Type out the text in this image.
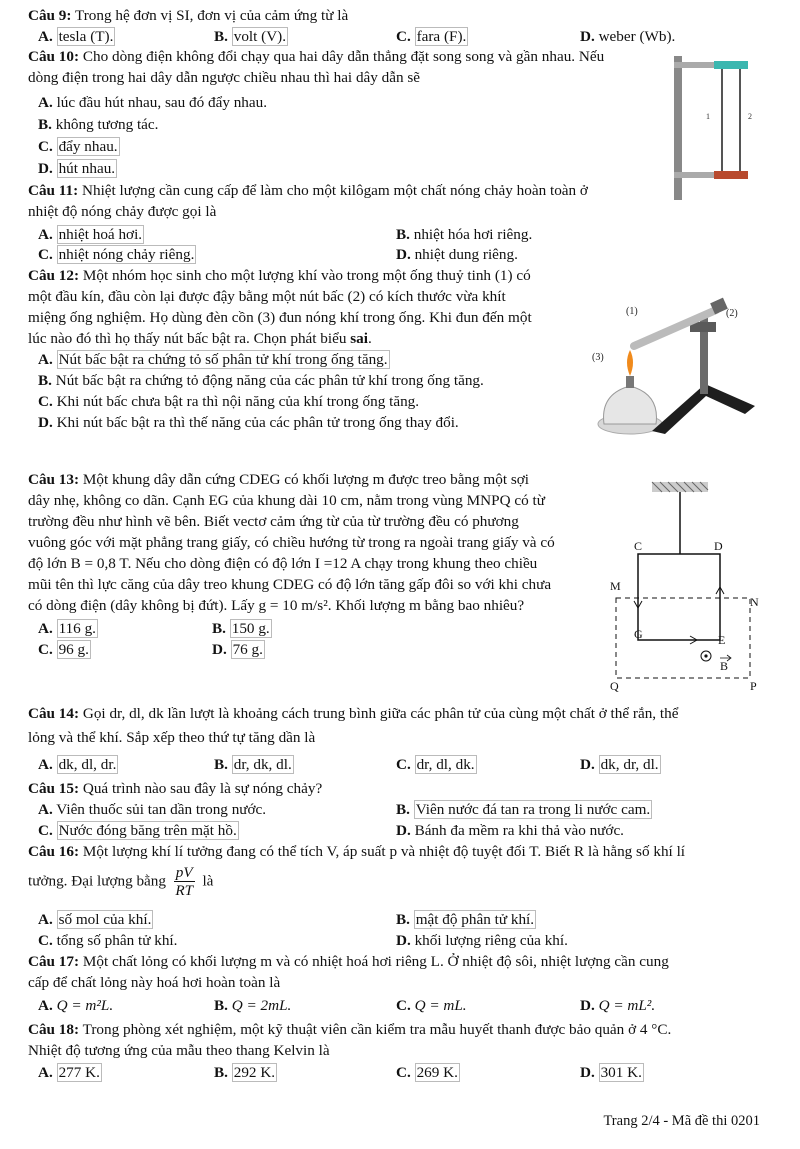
Câu 9: Trong hệ đơn vị SI, đơn vị của cảm ứng từ là
A. tesla (T).	B. volt (V).	C. fara (F).	D. weber (Wb).
Câu 10: Cho dòng điện không đổi chạy qua hai dây dẫn thẳng đặt song song và gần nhau. Nếu
dòng điện trong hai dây dẫn ngược chiều nhau thì hai dây dẫn sẽ
A. lúc đầu hút nhau, sau đó đẩy nhau.
B. không tương tác.
C. đẩy nhau.
D. hút nhau.
1	2
Câu 11: Nhiệt lượng cần cung cấp để làm cho một kilôgam một chất nóng chảy hoàn toàn ở
nhiệt độ nóng chảy được gọi là
A. nhiệt hoá hơi.	B. nhiệt hóa hơi riêng.
C. nhiệt nóng chảy riêng.	D. nhiệt dung riêng.
Câu 12: Một nhóm học sinh cho một lượng khí vào trong một ống thuỷ tinh (1) có
một đầu kín, đầu còn lại được đậy bằng một nút bấc (2) có kích thước vừa khít
miệng ống nghiệm. Họ dùng đèn cồn (3) đun nóng khí trong ống. Khi đun đến một
lúc nào đó thì họ thấy nút bấc bật ra. Chọn phát biểu sai.
A. Nút bấc bật ra chứng tỏ số phân tử khí trong ống tăng.
B. Nút bấc bật ra chứng tỏ động năng của các phân tử khí trong ống tăng.
C. Khi nút bấc chưa bật ra thì nội năng của khí trong ống tăng.
D. Khi nút bấc bật ra thì thế năng của các phân tử trong ống thay đổi.
(1)	(2)
(3)
Câu 13: Một khung dây dẫn cứng CDEG có khối lượng m được treo bằng một sợi
dây nhẹ, không co dãn. Cạnh EG của khung dài 10 cm, nằm trong vùng MNPQ có từ
trường đều như hình vẽ bên. Biết vectơ cảm ứng từ của từ trường đều có phương
vuông góc với mặt phẳng trang giấy, có chiều hướng từ trong ra ngoài trang giấy và có
độ lớn B = 0,8 T. Nếu cho dòng điện có độ lớn I =12 A chạy trong khung theo chiều
mũi tên thì lực căng của dây treo khung CDEG có độ lớn tăng gấp đôi so với khi chưa
có dòng điện (dây không bị đứt). Lấy g = 10 m/s². Khối lượng m bằng bao nhiêu?
A. 116 g.	B. 150 g.
C. 96 g.	D. 76 g.
C	D
M
N
G	E
Q	P
B
Câu 14: Gọi dr, dl, dk lần lượt là khoảng cách trung bình giữa các phân tử của cùng một chất ở thể rắn, thể
lỏng và thể khí. Sắp xếp theo thứ tự tăng dần là
A. dk, dl, dr.	B. dr, dk, dl.	C. dr, dl, dk.	D. dk, dr, dl.
Câu 15: Quá trình nào sau đây là sự nóng chảy?
A. Viên thuốc sủi tan dần trong nước.	B. Viên nước đá tan ra trong li nước cam.
C. Nước đóng băng trên mặt hồ.	D. Bánh đa mềm ra khi thả vào nước.
Câu 16: Một lượng khí lí tưởng đang có thể tích V, áp suất p và nhiệt độ tuyệt đối T. Biết R là hằng số khí lí
tưởng. Đại lượng bằng $\frac{pV}{RT}$ là
A. số mol của khí.	B. mật độ phân tử khí.
C. tổng số phân tử khí.	D. khối lượng riêng của khí.
Câu 17: Một chất lỏng có khối lượng m và có nhiệt hoá hơi riêng L. Ở nhiệt độ sôi, nhiệt lượng cần cung
cấp để chất lỏng này hoá hơi hoàn toàn là
A. Q = m²L.	B. Q = 2mL.	C. Q = mL.	D. Q = mL².
Câu 18: Trong phòng xét nghiệm, một kỹ thuật viên cần kiểm tra mẫu huyết thanh được bảo quản ở 4 °C.
Nhiệt độ tương ứng của mẫu theo thang Kelvin là
A. 277 K.	B. 292 K.	C. 269 K.	D. 301 K.
Trang 2/4 - Mã đề thi 0201
